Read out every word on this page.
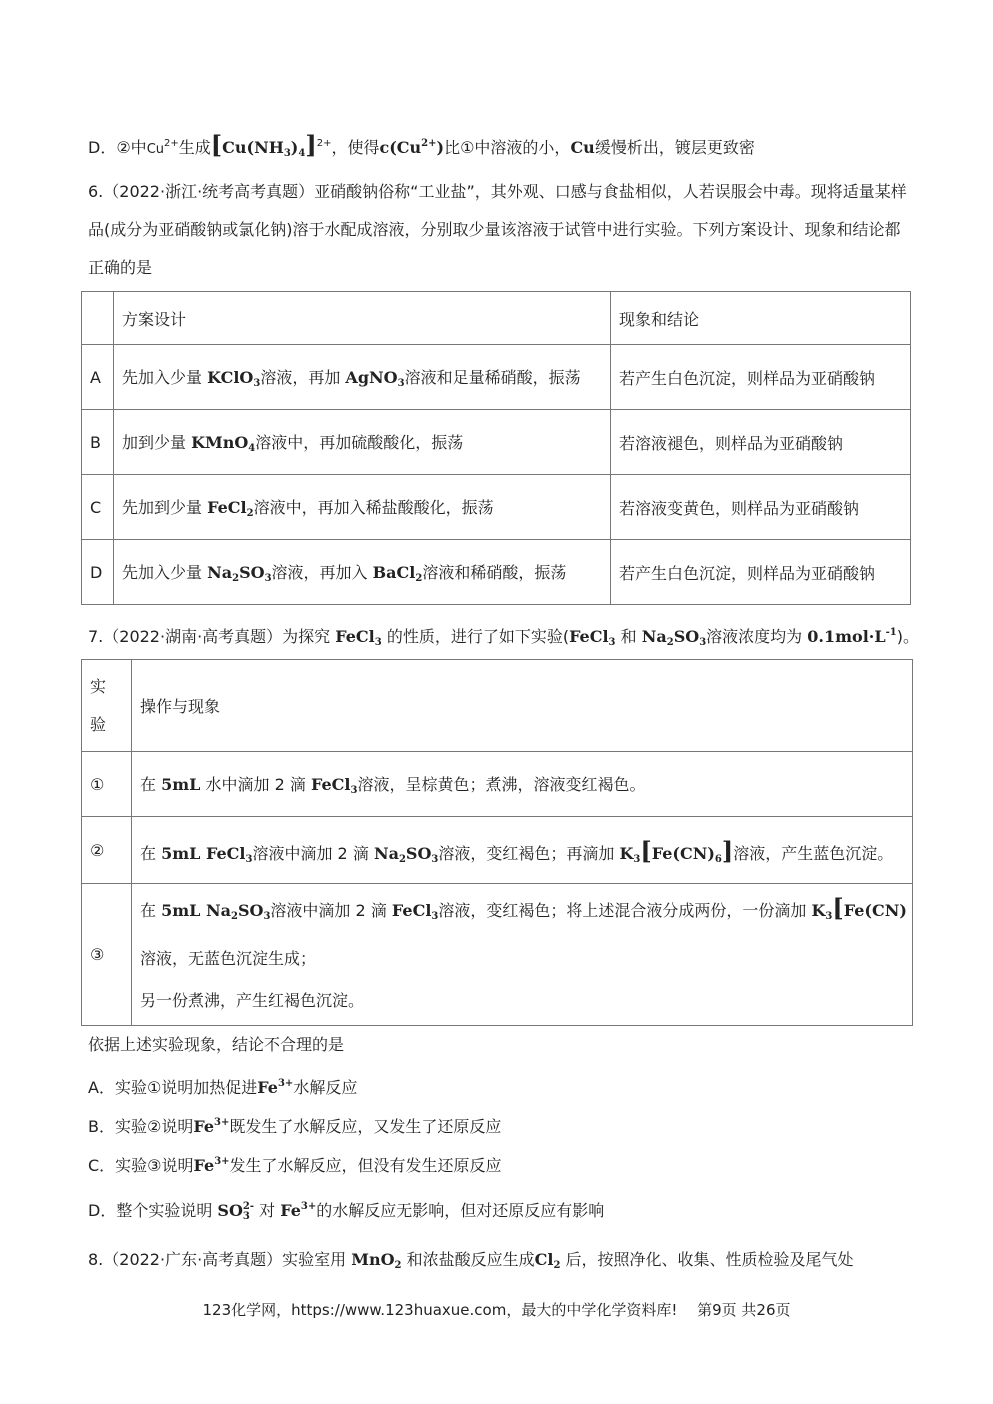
D．②中$Cu^{2+}$生成$[Cu(NH_3)_4]^{2+}$，使得$c(Cu^{2+})$比①中溶液的小，Cu缓慢析出，镀层更致密
6.（2022·浙江·统考高考真题）亚硝酸钠俗称“工业盐”，其外观、口感与食盐相似，人若误服会中毒。现将适量某样品(成分为亚硝酸钠或氯化钠)溶于水配成溶液，分别取少量该溶液于试管中进行实验。下列方案设计、现象和结论都正确的是
	方案设计	现象和结论
A	先加入少量 KClO$_3$溶液，再加 AgNO$_3$溶液和足量稀硝酸，振荡	若产生白色沉淀，则样品为亚硝酸钠
B	加到少量 KMnO$_4$溶液中，再加硫酸酸化，振荡	若溶液褪色，则样品为亚硝酸钠
C	先加到少量 FeCl$_2$溶液中，再加入稀盐酸酸化，振荡	若溶液变黄色，则样品为亚硝酸钠
D	先加入少量 $Na_2SO_3$溶液，再加入 BaCl$_2$溶液和稀硝酸，振荡	若产生白色沉淀，则样品为亚硝酸钠
7.（2022·湖南·高考真题）为探究 FeCl$_3$ 的性质，进行了如下实验(FeCl$_3$ 和 $Na_2SO_3$溶液浓度均为 $0.1mol\cdot L^{-1}$)。
实
验	操作与现象
①	在 5mL 水中滴加 2 滴 FeCl$_3$溶液，呈棕黄色；煮沸，溶液变红褐色。
②	在 5mL FeCl$_3$溶液中滴加 2 滴 $Na_2SO_3$溶液，变红褐色；再滴加 $K_3[Fe(CN)_6]$溶液，产生蓝色沉淀。
③	在 5mL $Na_2SO_3$溶液中滴加 2 滴 FeCl$_3$溶液，变红褐色；将上述混合液分成两份，一份滴加 $K_3[Fe(CN)$
溶液，无蓝色沉淀生成；
另一份煮沸，产生红褐色沉淀。
依据上述实验现象，结论不合理的是
A．实验①说明加热促进$Fe^{3+}$水解反应
B．实验②说明$Fe^{3+}$既发生了水解反应，又发生了还原反应
C．实验③说明$Fe^{3+}$发生了水解反应，但没有发生还原反应
D．整个实验说明 $SO_3^{2-}$ 对 $Fe^{3+}$的水解反应无影响，但对还原反应有影响
8.（2022·广东·高考真题）实验室用 MnO$_2$ 和浓盐酸反应生成$Cl_2$ 后，按照净化、收集、性质检验及尾气处
123化学网，https://www.123huaxue.com，最大的中学化学资料库!　 第9页 共26页
